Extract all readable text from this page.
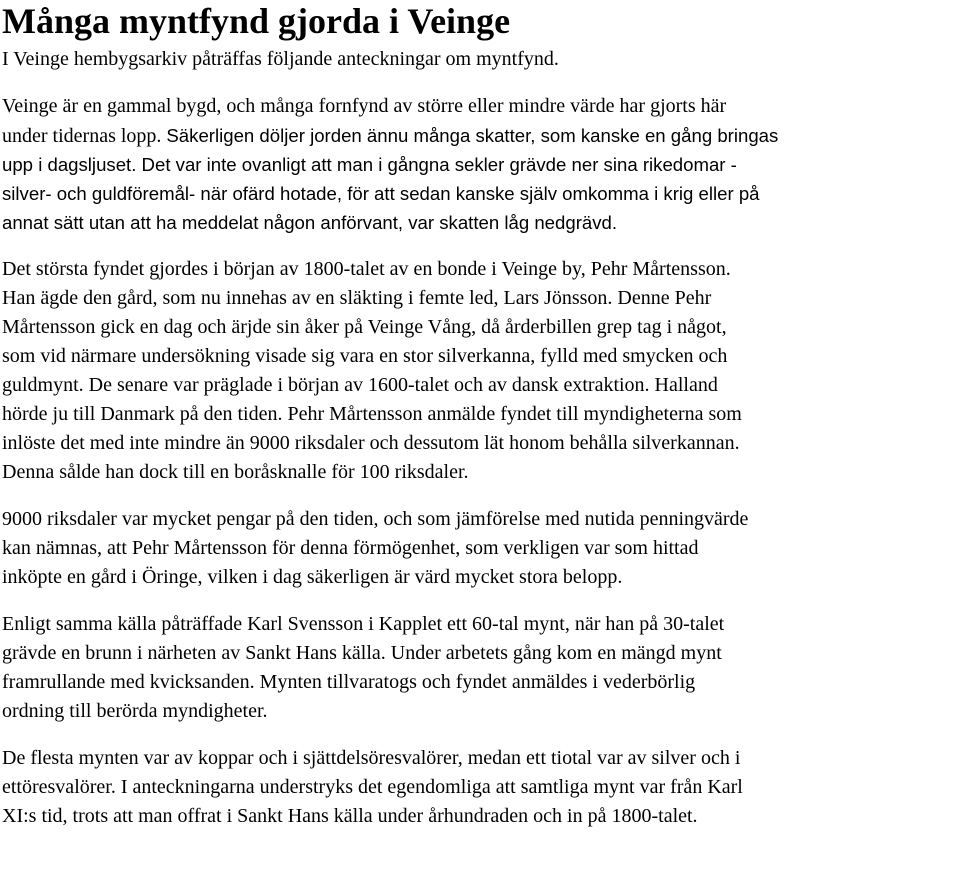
Många myntfynd gjorda i Veinge

I Veinge hembygsarkiv påträffas följande anteckningar om myntfynd.

Veinge är en gammal bygd, och många fornfynd av större eller mindre värde har gjorts här
under tidernas lopp. Säkerligen döljer jorden ännu många skatter, som kanske en gång bringas
upp i dagsljuset. Det var inte ovanligt att man i gångna sekler grävde ner sina rikedomar -
silver- och guldföremål- när ofärd hotade, för att sedan kanske själv omkomma i krig eller på
annat sätt utan att ha meddelat någon anförvant, var skatten låg nedgrävd.
Det största fyndet gjordes i början av 1800-talet av en bonde i Veinge by, Pehr Mårtensson.
Han ägde den gård, som nu innehas av en släkting i femte led, Lars Jönsson. Denne Pehr
Mårtensson gick en dag och ärjde sin åker på Veinge Vång, då årderbillen grep tag i något,
som vid närmare undersökning visade sig vara en stor silverkanna, fylld med smycken och
guldmynt. De senare var präglade i början av 1600-talet och av dansk extraktion. Halland
hörde ju till Danmark på den tiden. Pehr Mårtensson anmälde fyndet till myndigheterna som
inlöste det med inte mindre än 9000 riksdaler och dessutom lät honom behålla silverkannan.
Denna sålde han dock till en boråsknalle för 100 riksdaler.
9000 riksdaler var mycket pengar på den tiden, och som jämförelse med nutida penningvärde
kan nämnas, att Pehr Mårtensson för denna förmögenhet, som verkligen var som hittad
inköpte en gård i Öringe, vilken i dag säkerligen är värd mycket stora belopp.
Enligt samma källa påträffade Karl Svensson i Kapplet ett 60-tal mynt, när han på 30-talet
grävde en brunn i närheten av Sankt Hans källa. Under arbetets gång kom en mängd mynt
framrullande med kvicksanden. Mynten tillvaratogs och fyndet anmäldes i vederbörlig
ordning till berörda myndigheter.
De flesta mynten var av koppar och i sjättdelsöresvalörer, medan ett tiotal var av silver och i
ettöresvalörer. I anteckningarna understryks det egendomliga att samtliga mynt var från Karl
XI:s tid, trots att man offrat i Sankt Hans källa under århundraden och in på 1800-talet.
